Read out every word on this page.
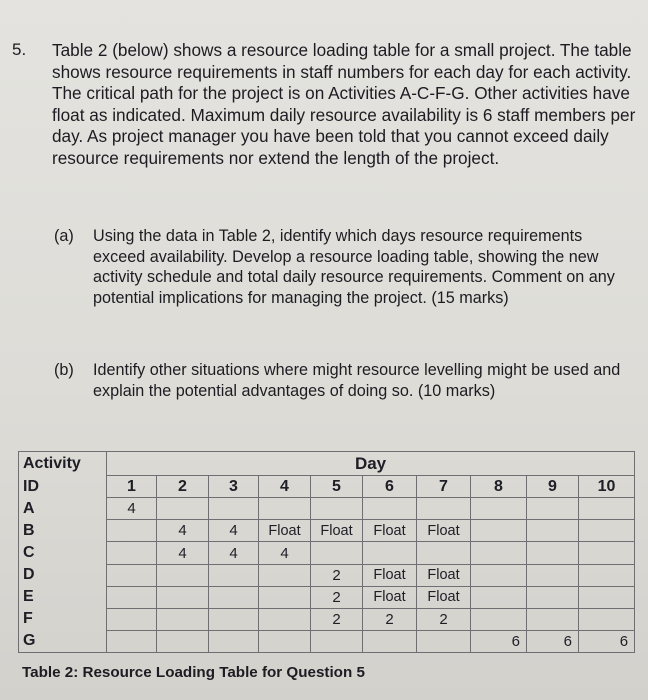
5. Table 2 (below) shows a resource loading table for a small project. The table shows resource requirements in staff numbers for each day for each activity. The critical path for the project is on Activities A-C-F-G. Other activities have float as indicated. Maximum daily resource availability is 6 staff members per day. As project manager you have been told that you cannot exceed daily resource requirements nor extend the length of the project.

(a) Using the data in Table 2, identify which days resource requirements exceed availability. Develop a resource loading table, showing the new activity schedule and total daily resource requirements. Comment on any potential implications for managing the project. (15 marks)

(b) Identify other situations where might resource levelling might be used and explain the potential advantages of doing so. (10 marks)

Activity	Day									
ID	1	2	3	4	5	6	7	8	9	10
A	4									
B		4	4	Float	Float	Float	Float			
C		4	4	4						
D					2	Float	Float			
E					2	Float	Float			
F					2	2	2			
G								6	6	6

Table 2: Resource Loading Table for Question 5
